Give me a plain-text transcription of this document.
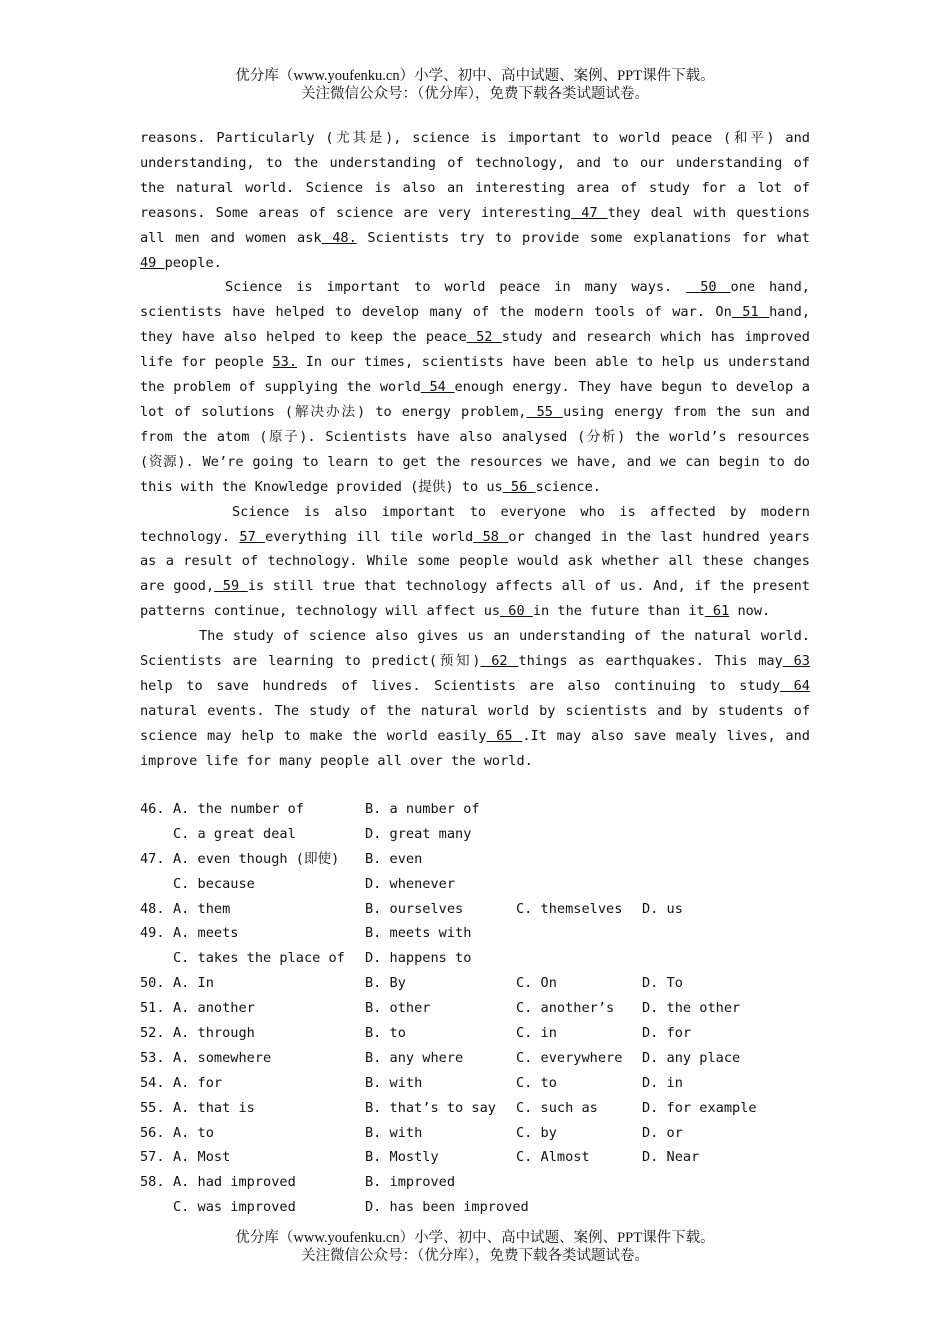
优分库（www.youfenku.cn）小学、初中、高中试题、案例、PPT课件下载。
关注微信公众号：（优分库），免费下载各类试题试卷。

reasons. Particularly (尤其是), science is important to world peace (和平) and understanding, to the understanding of technology, and to our understanding of the natural world. Science is also an interesting area of study for a lot of reasons. Some areas of science are very interesting 47 they deal with questions all men and women ask 48. Scientists try to provide some explanations for what 49 people.

Science is important to world peace in many ways.  50 one hand, scientists have helped to develop many of the modern tools of war. On 51 hand, they have also helped to keep the peace 52 study and research which has improved life for people 53. In our times, scientists have been able to help us understand the problem of supplying the world 54 enough energy. They have begun to develop a lot of solutions (解决办法) to energy problem, 55 using energy from the sun and from the atom (原子). Scientists have also analysed (分析) the world’s resources (资源). We’re going to learn to get the resources we have, and we can begin to do this with the Knowledge provided (提供) to us 56 science.

Science is also important to everyone who is affected by modern technology. 57 everything ill tile world 58 or changed in the last hundred years as a result of technology. While some people would ask whether all these changes are good, 59 is still true that technology affects all of us. And, if the present patterns continue, technology will affect us 60 in the future than it 61 now.

The study of science also gives us an understanding of the natural world. Scientists are learning to predict(预知) 62 things as earthquakes. This may 63 help to save hundreds of lives. Scientists are also continuing to study 64 natural events. The study of the natural world by scientists and by students of science may help to make the world easily 65 .It may also save mealy lives, and improve life for many people all over the world.

46. A. the number of	B. a number of
C. a great deal	D. great many
47. A. even though (即使) B. even
C. because	D. whenever
48. A. them	B. ourselves	C. themselves D. us
49. A. meets	B. meets with
C. takes the place of D. happens to
50. A. In	B. By	C. On	D. To
51. A. another	B. other	C. another’s D. the other
52. A. through	B. to	C. in	D. for
53. A. somewhere	B. any where	C. everywhere D. any place
54. A. for	B. with	C. to	D. in
55. A. that is	B. that’s to say C. such as	D. for example
56. A. to	B. with	C. by	D. or
57. A. Most	B. Mostly	C. Almost	D. Near
58. A. had improved	B. improved
C. was improved	D. has been improved
优分库（www.youfenku.cn）小学、初中、高中试题、案例、PPT课件下载。
关注微信公众号：（优分库），免费下载各类试题试卷。
